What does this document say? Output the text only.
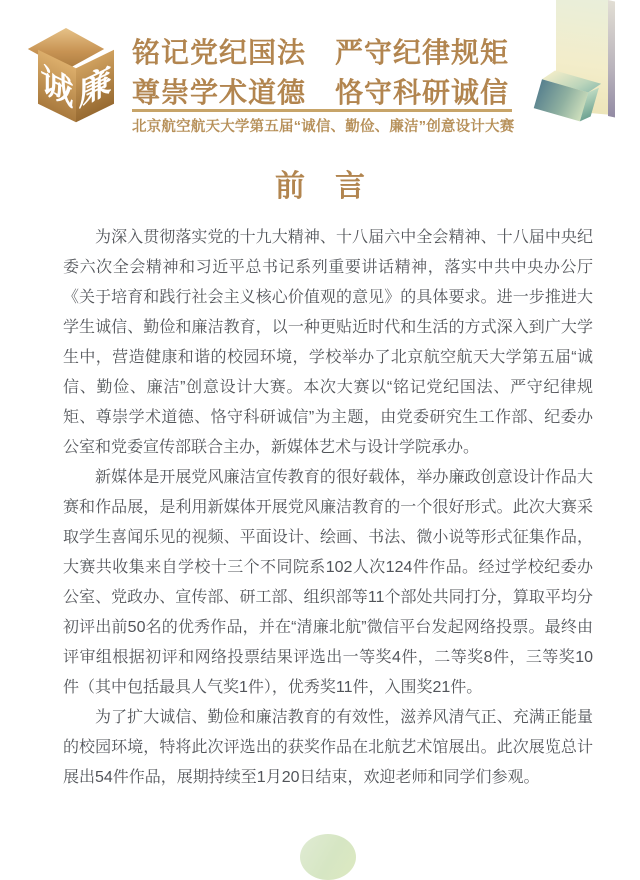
诚 廉
铭记党纪国法　严守纪律规矩
尊崇学术道德　恪守科研诚信
北京航空航天大学第五届“诚信、勤俭、廉洁”创意设计大赛
前　言

为深入贯彻落实党的十九大精神、十八届六中全会精神、十八届中央纪委六次全会精神和习近平总书记系列重要讲话精神，落实中共中央办公厅《关于培育和践行社会主义核心价值观的意见》的具体要求。进一步推进大学生诚信、勤俭和廉洁教育，以一种更贴近时代和生活的方式深入到广大学生中，营造健康和谐的校园环境，学校举办了北京航空航天大学第五届“诚信、勤俭、廉洁”创意设计大赛。本次大赛以“铭记党纪国法、严守纪律规矩、尊崇学术道德、恪守科研诚信”为主题，由党委研究生工作部、纪委办公室和党委宣传部联合主办，新媒体艺术与设计学院承办。

新媒体是开展党风廉洁宣传教育的很好载体，举办廉政创意设计作品大赛和作品展，是利用新媒体开展党风廉洁教育的一个很好形式。此次大赛采取学生喜闻乐见的视频、平面设计、绘画、书法、微小说等形式征集作品，大赛共收集来自学校十三个不同院系102人次124件作品。经过学校纪委办公室、党政办、宣传部、研工部、组织部等11个部处共同打分，算取平均分初评出前50名的优秀作品，并在“清廉北航”微信平台发起网络投票。最终由评审组根据初评和网络投票结果评选出一等奖4件，二等奖8件，三等奖10件（其中包括最具人气奖1件），优秀奖11件，入围奖21件。

为了扩大诚信、勤俭和廉洁教育的有效性，滋养风清气正、充满正能量的校园环境，特将此次评选出的获奖作品在北航艺术馆展出。此次展览总计展出54件作品，展期持续至1月20日结束，欢迎老师和同学们参观。
